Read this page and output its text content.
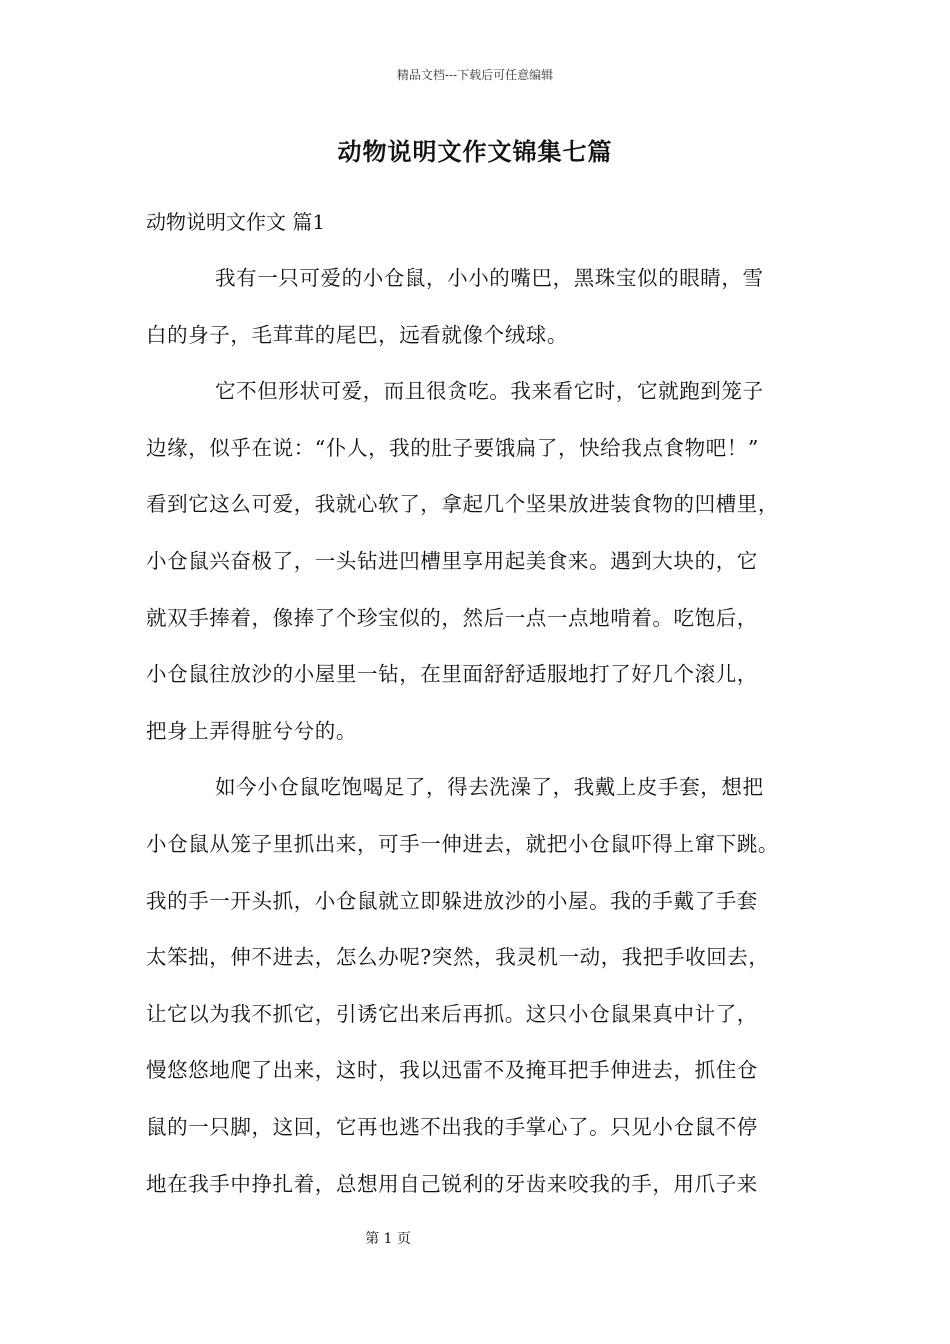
精品文档---下载后可任意编辑
动物说明文作文锦集七篇
动物说明文作文 篇1
我有一只可爱的小仓鼠，小小的嘴巴，黑珠宝似的眼睛，雪
白的身子，毛茸茸的尾巴，远看就像个绒球。
它不但形状可爱，而且很贪吃。我来看它时，它就跑到笼子
边缘，似乎在说：“仆人，我的肚子要饿扁了，快给我点食物吧！”
看到它这么可爱，我就心软了，拿起几个坚果放进装食物的凹槽里，
小仓鼠兴奋极了，一头钻进凹槽里享用起美食来。遇到大块的，它
就双手捧着，像捧了个珍宝似的，然后一点一点地啃着。吃饱后，
小仓鼠往放沙的小屋里一钻，在里面舒舒适服地打了好几个滚儿，
把身上弄得脏兮兮的。
如今小仓鼠吃饱喝足了，得去洗澡了，我戴上皮手套，想把
小仓鼠从笼子里抓出来，可手一伸进去，就把小仓鼠吓得上窜下跳。
我的手一开头抓，小仓鼠就立即躲进放沙的小屋。我的手戴了手套
太笨拙，伸不进去，怎么办呢?突然，我灵机一动，我把手收回去，
让它以为我不抓它，引诱它出来后再抓。这只小仓鼠果真中计了，
慢悠悠地爬了出来，这时，我以迅雷不及掩耳把手伸进去，抓住仓
鼠的一只脚，这回，它再也逃不出我的手掌心了。只见小仓鼠不停
地在我手中挣扎着，总想用自己锐利的牙齿来咬我的手，用爪子来
第 1 页
